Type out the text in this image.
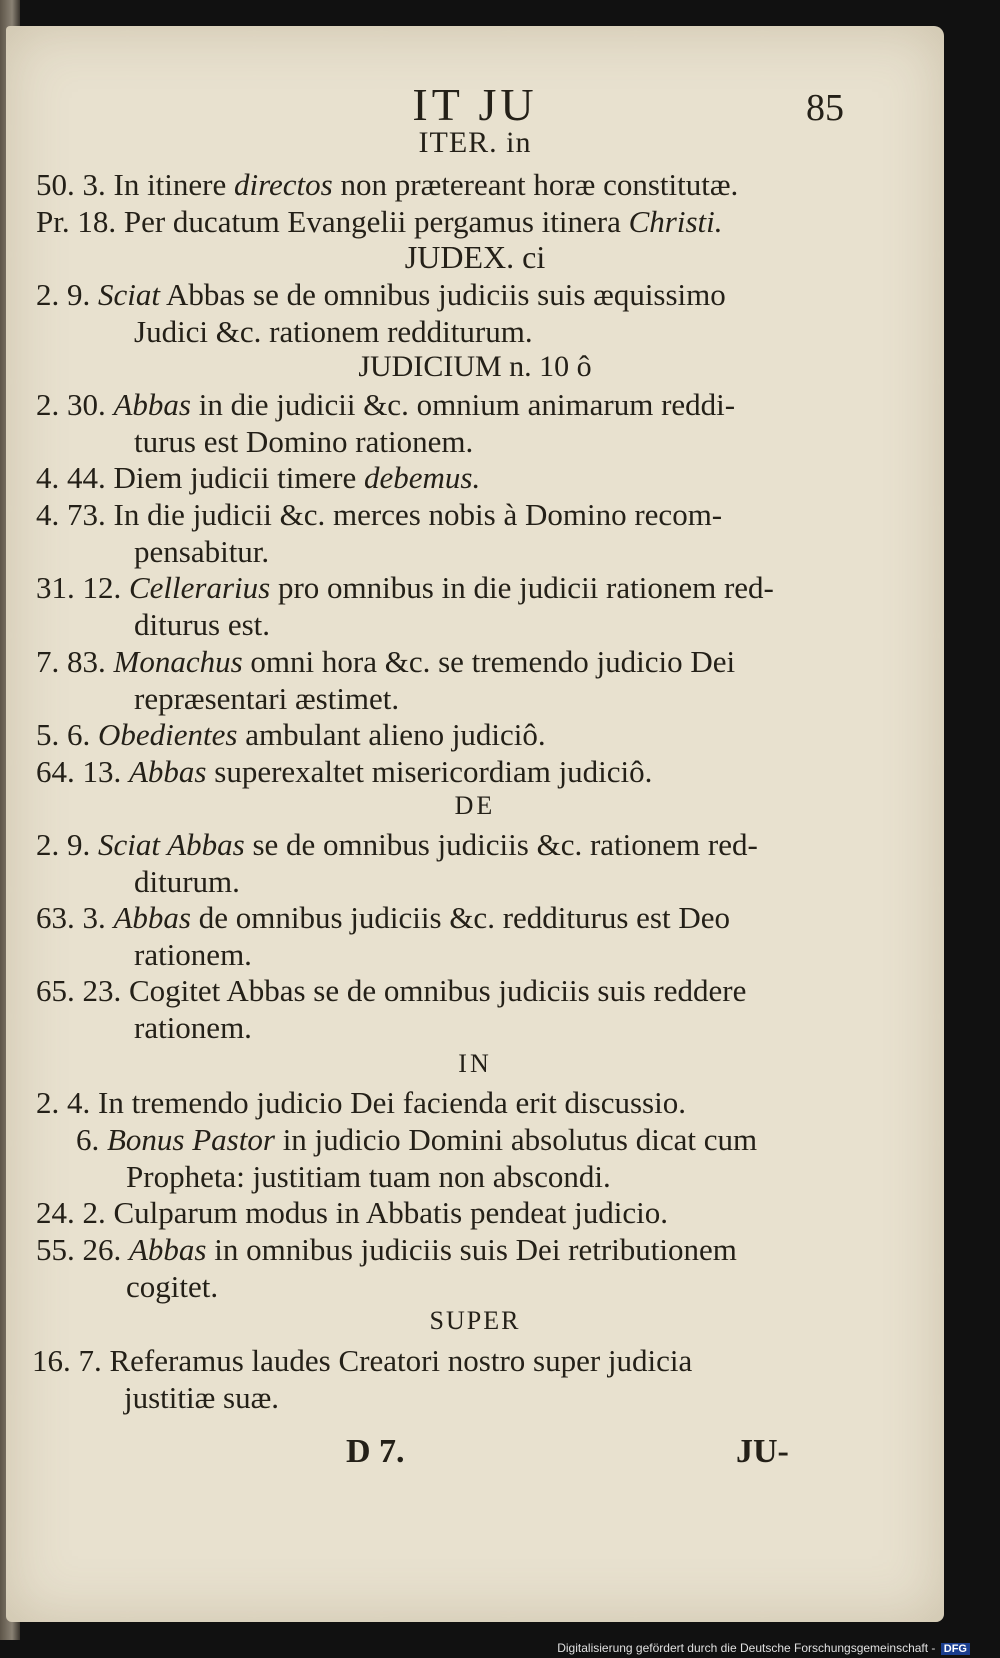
IT JU	85
ITER. in
50. 3. In itinere directos non prætereant horæ constitutæ.
Pr. 18. Per ducatum Evangelii pergamus itinera Christi.
JUDEX. ci
2. 9. Sciat Abbas se de omnibus judiciis suis æquissimo
Judici &c. rationem redditurum.
JUDICIUM n. 10 ô
2. 30. Abbas in die judicii &c. omnium animarum reddi-
turus est Domino rationem.
4. 44. Diem judicii timere debemus.
4. 73. In die judicii &c. merces nobis à Domino recom-
pensabitur.
31. 12. Cellerarius pro omnibus in die judicii rationem red-
diturus est.
7. 83. Monachus omni hora &c. se tremendo judicio Dei
repræsentari æstimet.
5. 6. Obedientes ambulant alieno judiciô.
64. 13. Abbas superexaltet misericordiam judiciô.
DE
2. 9. Sciat Abbas se de omnibus judiciis &c. rationem red-
diturum.
63. 3. Abbas de omnibus judiciis &c. redditurus est Deo
rationem.
65. 23. Cogitet Abbas se de omnibus judiciis suis reddere
rationem.
IN
2. 4. In tremendo judicio Dei facienda erit discussio.
6. Bonus Pastor in judicio Domini absolutus dicat cum
Propheta: justitiam tuam non abscondi.
24. 2. Culparum modus in Abbatis pendeat judicio.
55. 26. Abbas in omnibus judiciis suis Dei retributionem
cogitet.
SUPER
16. 7. Referamus laudes Creatori nostro super judicia
justitiæ suæ.
D 7.	JU-
Digitalisierung gefördert durch die Deutsche Forschungsgemeinschaft - DFG
